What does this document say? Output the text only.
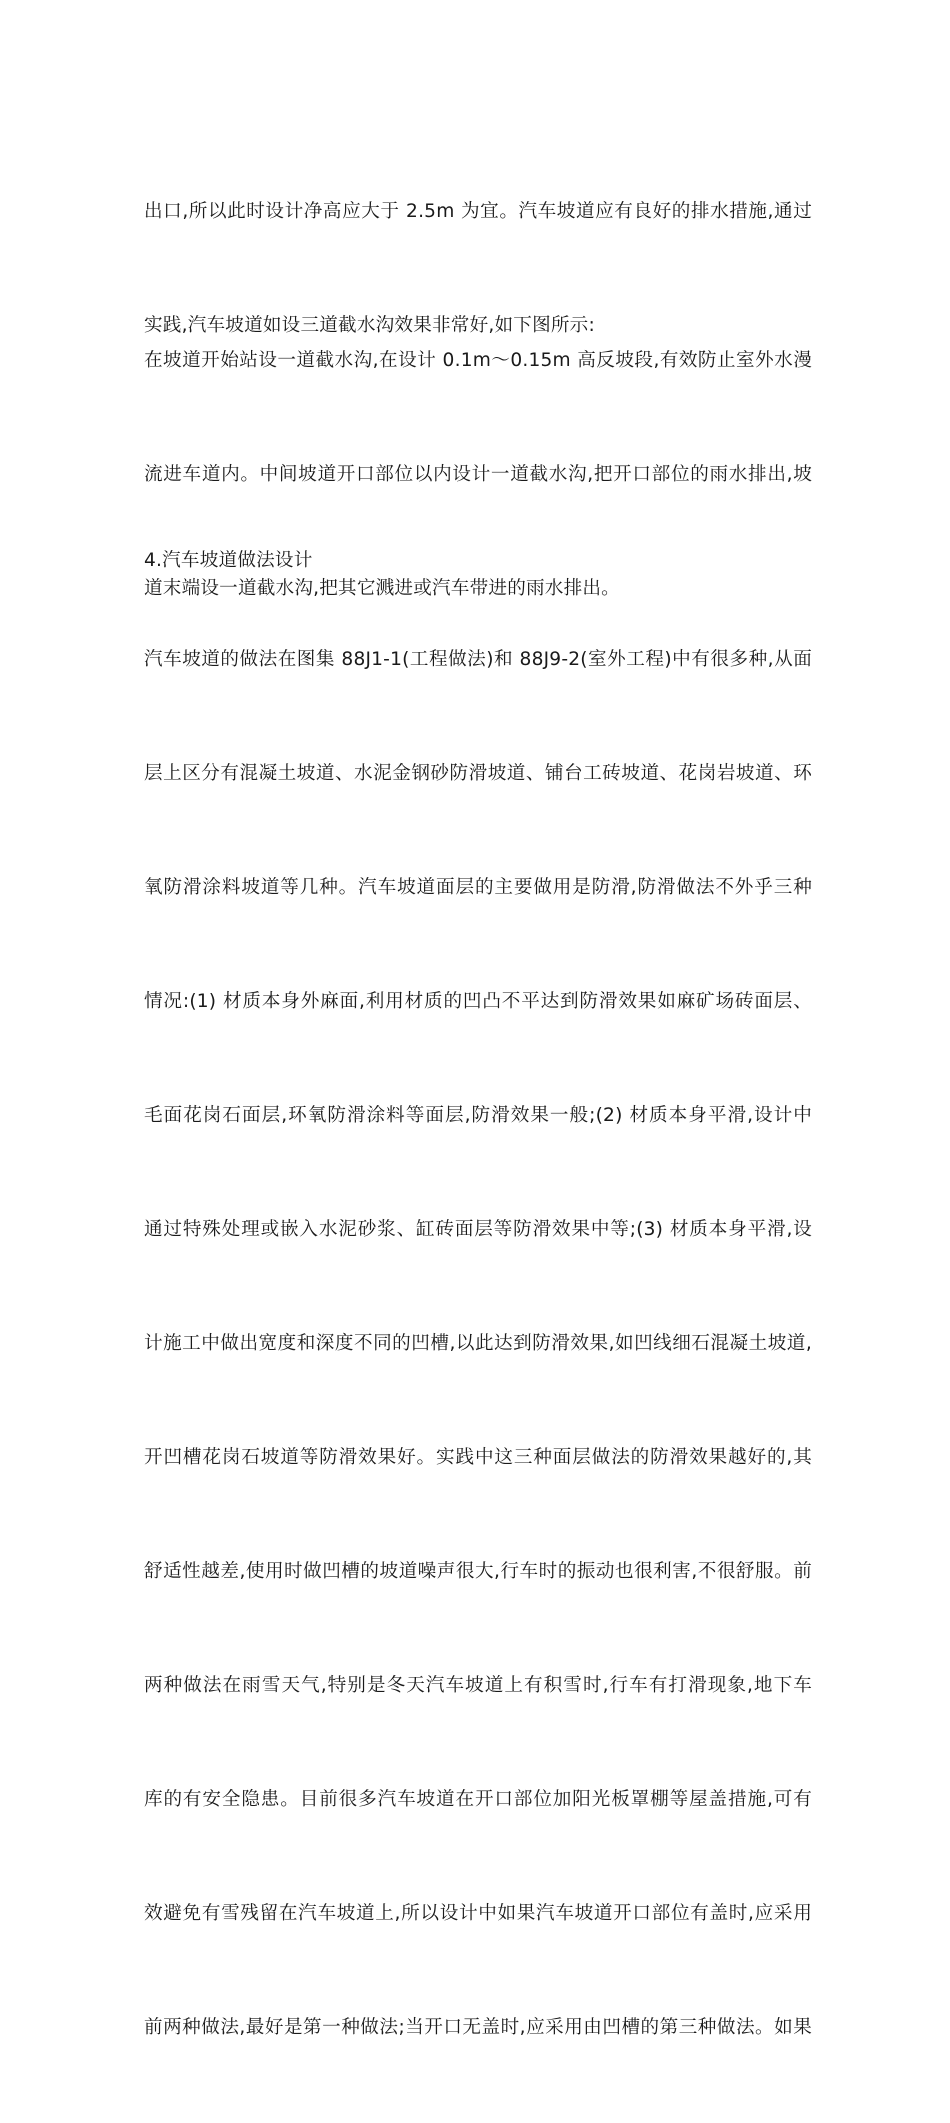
出口,所以此时设计净高应大于 2.5m 为宜。汽车坡道应有良好的排水措施,通过

实践,汽车坡道如设三道截水沟效果非常好,如下图所示:

在坡道开始站设一道截水沟,在设计 0.1m～0.15m 高反坡段,有效防止室外水漫

流进车道内。中间坡道开口部位以内设计一道截水沟,把开口部位的雨水排出,坡

道末端设一道截水沟,把其它溅进或汽车带进的雨水排出。

4.汽车坡道做法设计

汽车坡道的做法在图集 88J1-1(工程做法)和 88J9-2(室外工程)中有很多种,从面

层上区分有混凝土坡道、水泥金钢砂防滑坡道、铺台工砖坡道、花岗岩坡道、环

氧防滑涂料坡道等几种。汽车坡道面层的主要做用是防滑,防滑做法不外乎三种

情况:(1) 材质本身外麻面,利用材质的凹凸不平达到防滑效果如麻矿场砖面层、

毛面花岗石面层,环氧防滑涂料等面层,防滑效果一般;(2) 材质本身平滑,设计中

通过特殊处理或嵌入水泥砂浆、缸砖面层等防滑效果中等;(3) 材质本身平滑,设

计施工中做出宽度和深度不同的凹槽,以此达到防滑效果,如凹线细石混凝土坡道,

开凹槽花岗石坡道等防滑效果好。实践中这三种面层做法的防滑效果越好的,其

舒适性越差,使用时做凹槽的坡道噪声很大,行车时的振动也很利害,不很舒服。前

两种做法在雨雪天气,特别是冬天汽车坡道上有积雪时,行车有打滑现象,地下车

库的有安全隐患。目前很多汽车坡道在开口部位加阳光板罩棚等屋盖措施,可有

效避免有雪残留在汽车坡道上,所以设计中如果汽车坡道开口部位有盖时,应采用

前两种做法,最好是第一种做法;当开口无盖时,应采用由凹槽的第三种做法。如果
